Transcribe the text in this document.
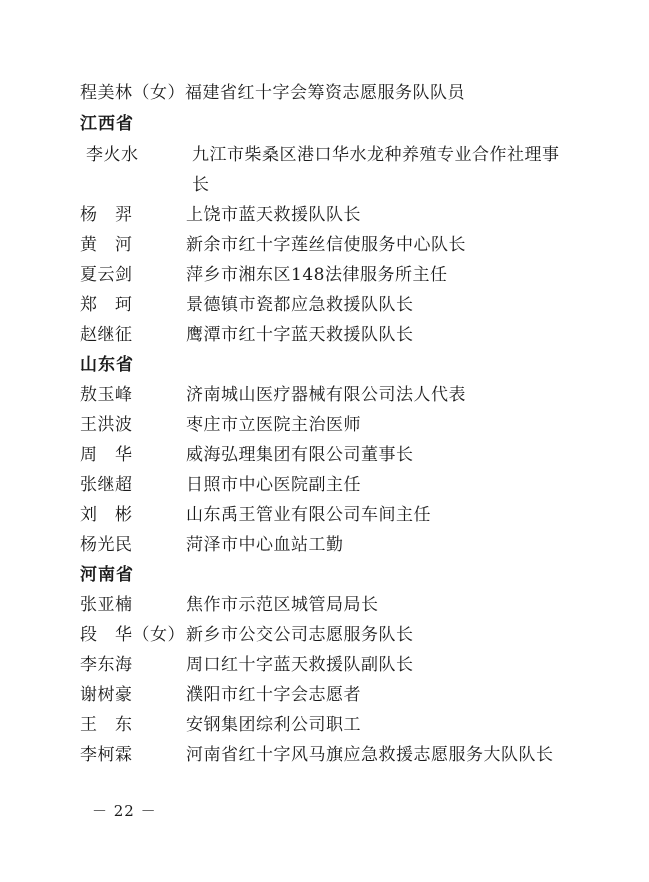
程美林（女）福建省红十字会筹资志愿服务队队员
江西省
李火水	九江市柴桑区港口华水龙种养殖专业合作社理事
长
杨　羿	上饶市蓝天救援队队长
黄　河	新余市红十字莲丝信使服务中心队长
夏云剑	萍乡市湘东区148法律服务所主任
郑　珂	景德镇市瓷都应急救援队队长
赵继征	鹰潭市红十字蓝天救援队队长
山东省
敖玉峰	济南城山医疗器械有限公司法人代表
王洪波	枣庄市立医院主治医师
周　华	威海弘理集团有限公司董事长
张继超	日照市中心医院副主任
刘　彬	山东禹王管业有限公司车间主任
杨光民	菏泽市中心血站工勤
河南省
张亚楠	焦作市示范区城管局局长
段　华（女） 新乡市公交公司志愿服务队长
李东海	周口红十字蓝天救援队副队长
谢树豪	濮阳市红十字会志愿者
王　东	安钢集团综利公司职工
李柯霖	河南省红十字风马旗应急救援志愿服务大队队长
－ 22 －
